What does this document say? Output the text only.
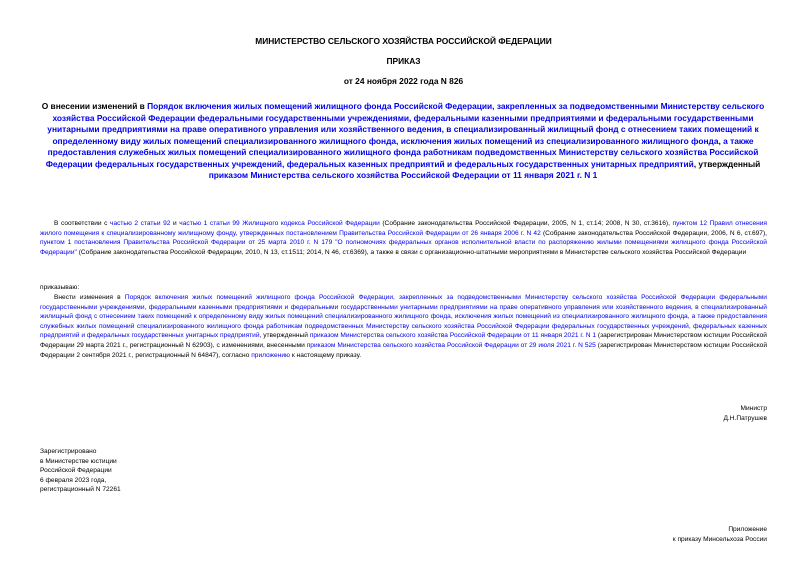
МИНИСТЕРСТВО СЕЛЬСКОГО ХОЗЯЙСТВА РОССИЙСКОЙ ФЕДЕРАЦИИ
ПРИКАЗ
от 24 ноября 2022 года N 826
О внесении изменений в Порядок включения жилых помещений жилищного фонда Российской Федерации, закрепленных за подведомственными Министерству сельского хозяйства Российской Федерации федеральными государственными учреждениями, федеральными казенными предприятиями и федеральными государственными унитарными предприятиями на праве оперативного управления или хозяйственного ведения, в специализированный жилищный фонд с отнесением таких помещений к определенному виду жилых помещений специализированного жилищного фонда, исключения жилых помещений из специализированного жилищного фонда, а также предоставления служебных жилых помещений специализированного жилищного фонда работникам подведомственных Министерству сельского хозяйства Российской Федерации федеральных государственных учреждений, федеральных казенных предприятий и федеральных государственных унитарных предприятий, утвержденный приказом Министерства сельского хозяйства Российской Федерации от 11 января 2021 г. N 1
В соответствии с частью 2 статьи 92 и частью 1 статьи 99 Жилищного кодекса Российской Федерации (Собрание законодательства Российской Федерации, 2005, N 1, ст.14; 2008, N 30, ст.3616), пунктом 12 Правил отнесения жилого помещения к специализированному жилищному фонду, утвержденных постановлением Правительства Российской Федерации от 26 января 2006 г. N 42 (Собрание законодательства Российской Федерации, 2006, N 6, ст.697), пунктом 1 постановления Правительства Российской Федерации от 25 марта 2010 г. N 179 "О полномочиях федеральных органов исполнительной власти по распоряжению жилыми помещениями жилищного фонда Российской Федерации" (Собрание законодательства Российской Федерации, 2010, N 13, ст.1511; 2014, N 46, ст.6369), а также в связи с организационно-штатными мероприятиями в Министерстве сельского хозяйства Российской Федерации
приказываю:
Внести изменения в Порядок включения жилых помещений жилищного фонда Российской Федерации, закрепленных за подведомственными Министерству сельского хозяйства Российской Федерации федеральными государственными учреждениями, федеральными казенными предприятиями и федеральными государственными унитарными предприятиями на праве оперативного управления или хозяйственного ведения, в специализированный жилищный фонд с отнесением таких помещений к определенному виду жилых помещений специализированного жилищного фонда, исключения жилых помещений из специализированного жилищного фонда, а также предоставления служебных жилых помещений специализированного жилищного фонда работникам подведомственных Министерству сельского хозяйства Российской Федерации федеральных государственных учреждений, федеральных казенных предприятий и федеральных государственных унитарных предприятий, утвержденный приказом Министерства сельского хозяйства Российской Федерации от 11 января 2021 г. N 1 (зарегистрирован Министерством юстиции Российской Федерации 29 марта 2021 г., регистрационный N 62903), с изменениями, внесенными приказом Министерства сельского хозяйства Российской Федерации от 29 июля 2021 г. N 525 (зарегистрирован Министерством юстиции Российской Федерации 2 сентября 2021 г., регистрационный N 64847), согласно приложению к настоящему приказу.
Министр
Д.Н.Патрушев
Зарегистрировано
в Министерстве юстиции
Российской Федерации
6 февраля 2023 года,
регистрационный N 72261
Приложение
к приказу Минсельхоза России
